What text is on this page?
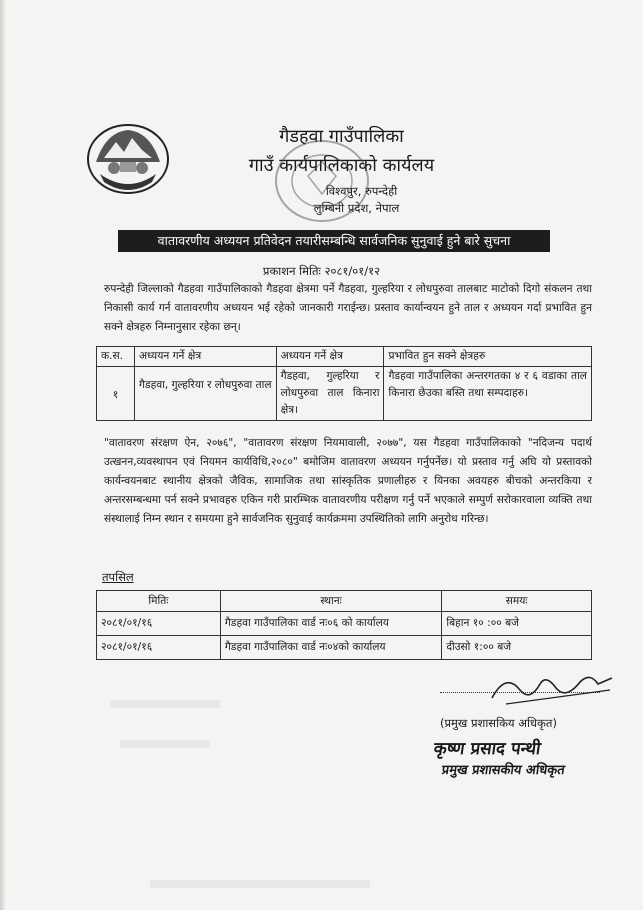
गैडहवा गाउँपालिका
गाउँ कार्यपालिकाको कार्यलय
विश्वपुर, रुपन्देही
लुम्बिनी प्रदेश, नेपाल
वातावरणीय अध्ययन प्रतिवेदन तयारीसम्बन्धि सार्वजनिक सुनुवाई हुने बारे सुचना
प्रकाशन मितिः २०८१/०१/१२
रुपन्देही जिल्लाको गैडहवा गाउँपालिकाको गैडहवा क्षेत्रमा पर्ने गैडहवा, गुल्हरिया र लोधपुरुवा तालबाट माटोको दिगो संकलन तथा निकासी कार्य गर्न वातावरणीय अध्ययन भई रहेको जानकारी गराईन्छ। प्रस्ताव कार्यान्वयन हुने ताल र अध्ययन गर्दा प्रभावित हुन सक्ने क्षेत्रहरु निम्नानुसार रहेका छन्।
क.स.	अध्ययन गर्ने क्षेत्र	अध्ययन गर्ने क्षेत्र	प्रभावित हुन सक्ने क्षेत्रहरु
१	गैडहवा, गुल्हरिया र लोधपुरुवा ताल	गैडहवा, गुल्हरिया र लोधपुरुवा ताल किनारा क्षेत्र।	गैडहवा गाउँपालिका अन्तरगतका ४ र ६ वडाका ताल किनारा छेउका बस्ति तथा सम्पदाहरु।
"वातावरण संरक्षण ऐन, २०७६", "वातावरण संरक्षण नियमावाली, २०७७", यस गैडहवा गाउँपालिकाको "नदिजन्य पदार्थ उत्खनन,व्यवस्थापन एवं नियमन कार्यविधि,२०८०" बमोजिम वातावरण अध्ययन गर्नुपर्नेछ। यो प्रस्ताव गर्नु अघि यो प्रस्तावको कार्यन्वयनबाट स्थानीय क्षेत्रको जैविक, सामाजिक तथा सांस्कृतिक प्रणालीहरु र यिनका अवयहरु बीचको अन्तरकिया र अन्तरसम्बन्धमा पर्न सक्ने प्रभावहरु एकिन गरी प्रारम्भिक वातावरणीय परीक्षण गर्नु पर्ने भएकाले सम्पुर्ण सरोकारवाला व्यक्ति तथा संस्थालाई निम्न स्थान र समयमा हुने सार्वजनिक सुनुवाई कार्यक्रममा उपस्थितिको लागि अनुरोध गरिन्छ।
तपसिल
मितिः	स्थानः	समयः
२०८१/०१/१६	गैडहवा गाउँपालिका वार्ड नः०६ को कार्यालय	बिहान १० :०० बजे
२०८१/०१/१६	गैडहवा गाउँपालिका वार्ड नः०४को कार्यालय	दीउसो १:०० बजे
(प्रमुख प्रशासकिय अधिकृत)
कृष्ण प्रसाद पन्थी
प्रमुख प्रशासकीय अधिकृत
